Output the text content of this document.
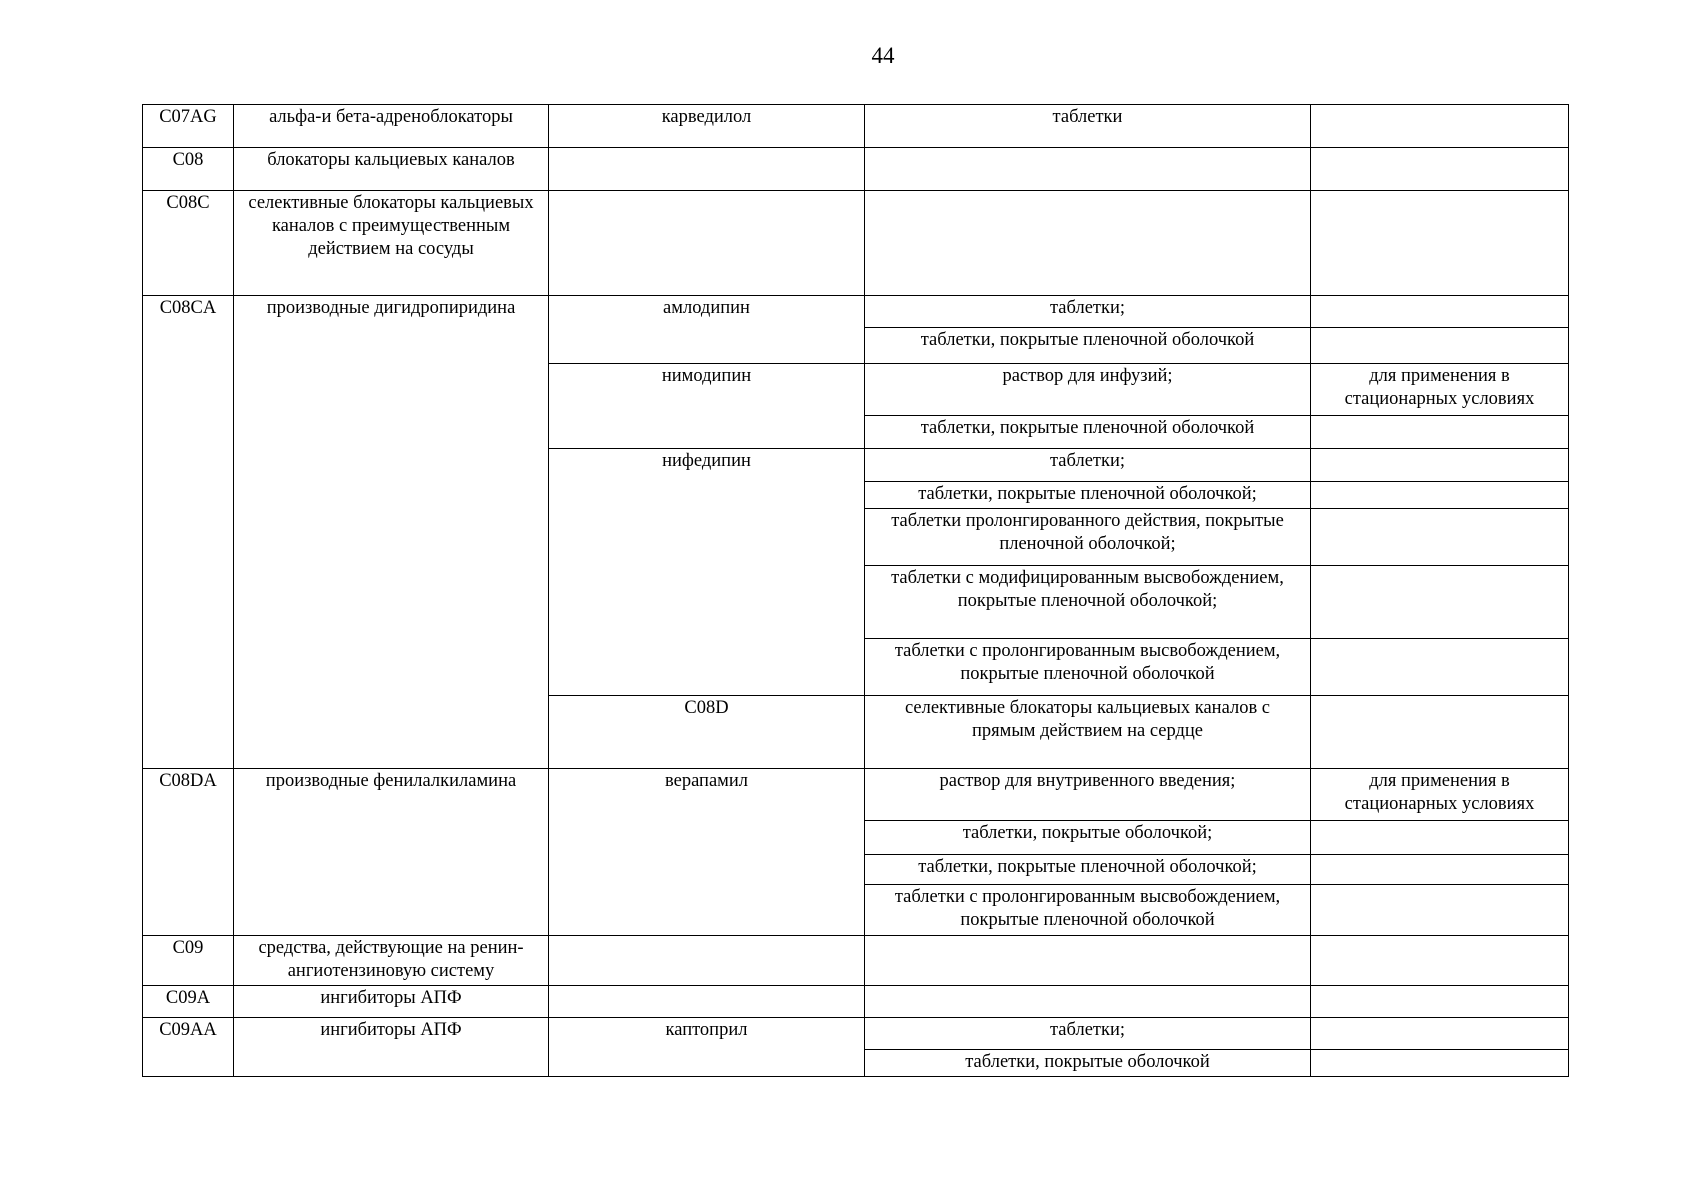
44
C07AG	альфа-и бета-адреноблокаторы	карведилол	таблетки		
C08	блокаторы кальциевых каналов				
C08C	селективные блокаторы кальциевых каналов с преимущественным действием на сосуды				
C08CA	производные дигидропиридина	амлодипин	таблетки;		
			таблетки, покрытые пленочной оболочкой		
		нимодипин	раствор для инфузий;	для применения в стационарных условиях	
			таблетки, покрытые пленочной оболочкой		
		нифедипин	таблетки;		
			таблетки, покрытые пленочной оболочкой;		
			таблетки пролонгированного действия, покрытые пленочной оболочкой;		
			таблетки с модифицированным высвобождением, покрытые пленочной оболочкой;		
			таблетки с пролонгированным высвобождением, покрытые пленочной оболочкой		
		C08D	селективные блокаторы кальциевых каналов с прямым действием на сердце			
C08DA	производные фенилалкиламина	верапамил	раствор для внутривенного введения;	для применения в стационарных условиях	
			таблетки, покрытые оболочкой;		
			таблетки, покрытые пленочной оболочкой;		
			таблетки с пролонгированным высвобождением, покрытые пленочной оболочкой		
C09	средства, действующие на ренин-ангиотензиновую систему				
C09A	ингибиторы АПФ				
C09AA	ингибиторы АПФ	каптоприл	таблетки;		
			таблетки, покрытые оболочкой		
